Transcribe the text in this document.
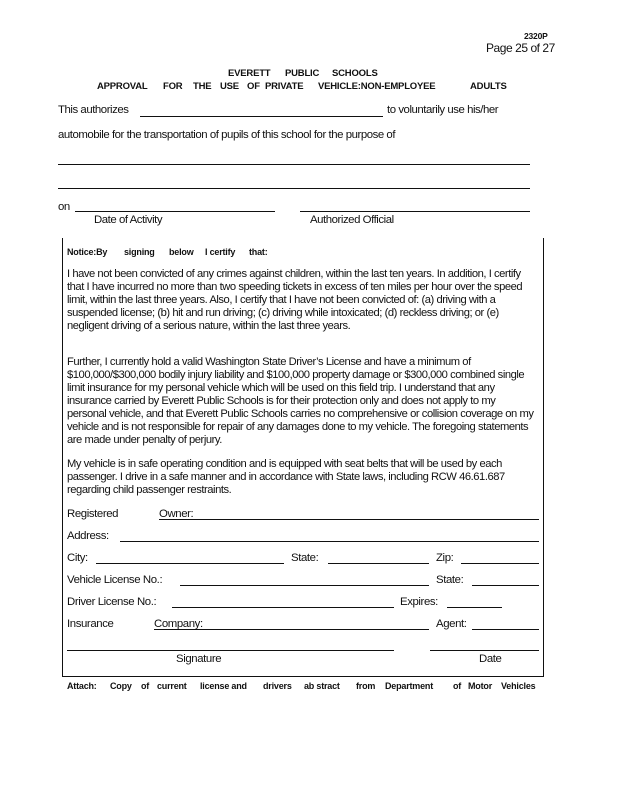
2320P
Page 25 of 27
EVERETT PUBLIC SCHOOLS
APPROVAL FOR THE USE OF PRIVATE VEHICLE:NON-EMPLOYEE	ADULTS
This authorizes	to voluntarily use his/her
automobile for the transportation of pupils of this school for the purpose of
on
Date of Activity	Authorized Official
Notice:By signing below I certify that:

I have not been convicted of any crimes against children, within the last ten years. In addition, I certify that I have incurred no more than two speeding tickets in excess of ten miles per hour over the speed limit, within the last three years. Also, I certify that I have not been convicted of: (a) driving with a suspended license; (b) hit and run driving; (c) driving while intoxicated; (d) reckless driving; or (e) negligent driving of a serious nature, within the last three years.

Further, I currently hold a valid Washington State Driver’s License and have a minimum of $100,000/$300,000 bodily injury liability and $100,000 property damage or $300,000 combined single limit insurance for my personal vehicle which will be used on this field trip. I understand that any insurance carried by Everett Public Schools is for their protection only and does not apply to my personal vehicle, and that Everett Public Schools carries no comprehensive or collision coverage on my vehicle and is not responsible for repair of any damages done to my vehicle. The foregoing statements are made under penalty of perjury.

My vehicle is in safe operating condition and is equipped with seat belts that will be used by each passenger. I drive in a safe manner and in accordance with State laws, including RCW 46.61.687 regarding child passenger restraints.

Registered	Owner:
Address:
City:	State:	Zip:
Vehicle License No.:	State:
Driver License No.:	Expires:
Insurance	Company:	Agent:
Signature	Date
Attach: Copy of current license and drivers ab stract from Department of Motor Vehicles
